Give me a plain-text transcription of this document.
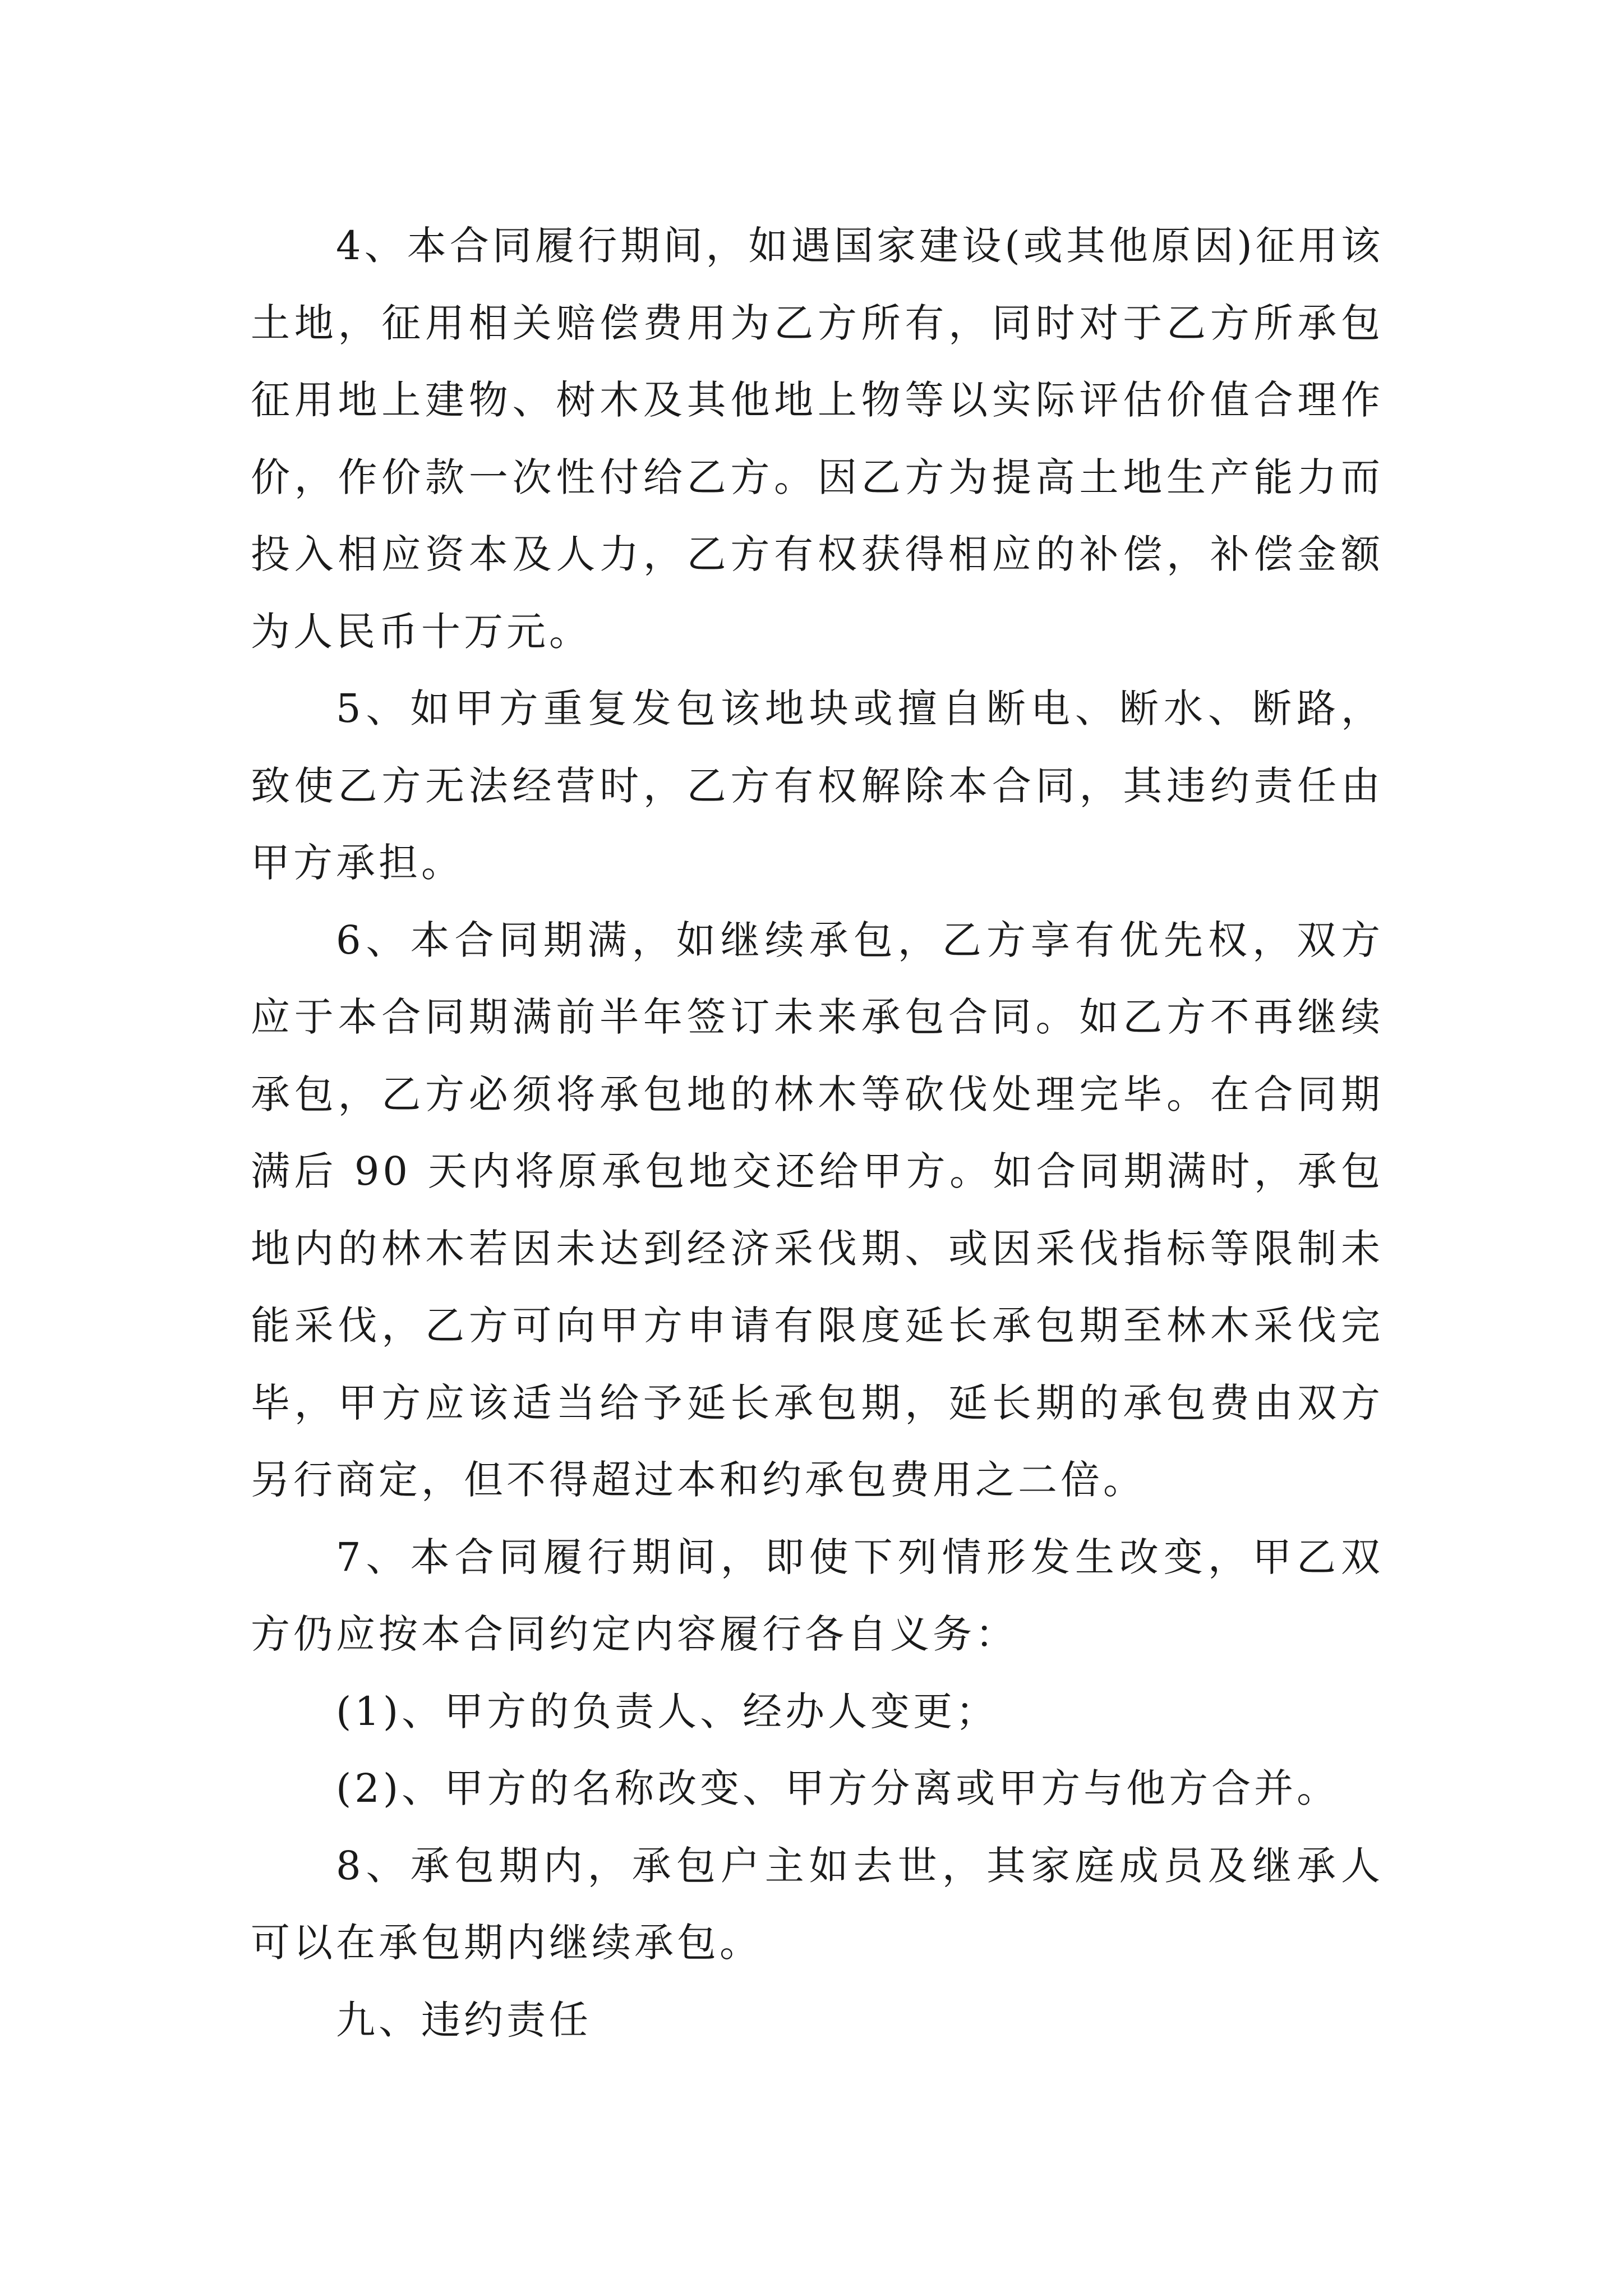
4、本合同履行期间，如遇国家建设(或其他原因)征用该土地，征用相关赔偿费用为乙方所有，同时对于乙方所承包征用地上建物、树木及其他地上物等以实际评估价值合理作价，作价款一次性付给乙方。因乙方为提高土地生产能力而投入相应资本及人力，乙方有权获得相应的补偿，补偿金额为人民币十万元。

5、如甲方重复发包该地块或擅自断电、断水、断路，致使乙方无法经营时，乙方有权解除本合同，其违约责任由甲方承担。

6、本合同期满，如继续承包，乙方享有优先权，双方应于本合同期满前半年签订未来承包合同。如乙方不再继续承包，乙方必须将承包地的林木等砍伐处理完毕。在合同期满后 90 天内将原承包地交还给甲方。如合同期满时，承包地内的林木若因未达到经济采伐期、或因采伐指标等限制未能采伐，乙方可向甲方申请有限度延长承包期至林木采伐完毕，甲方应该适当给予延长承包期，延长期的承包费由双方另行商定，但不得超过本和约承包费用之二倍。

7、本合同履行期间，即使下列情形发生改变，甲乙双方仍应按本合同约定内容履行各自义务：

(1)、甲方的负责人、经办人变更；

(2)、甲方的名称改变、甲方分离或甲方与他方合并。

8、承包期内，承包户主如去世，其家庭成员及继承人可以在承包期内继续承包。

九、违约责任
